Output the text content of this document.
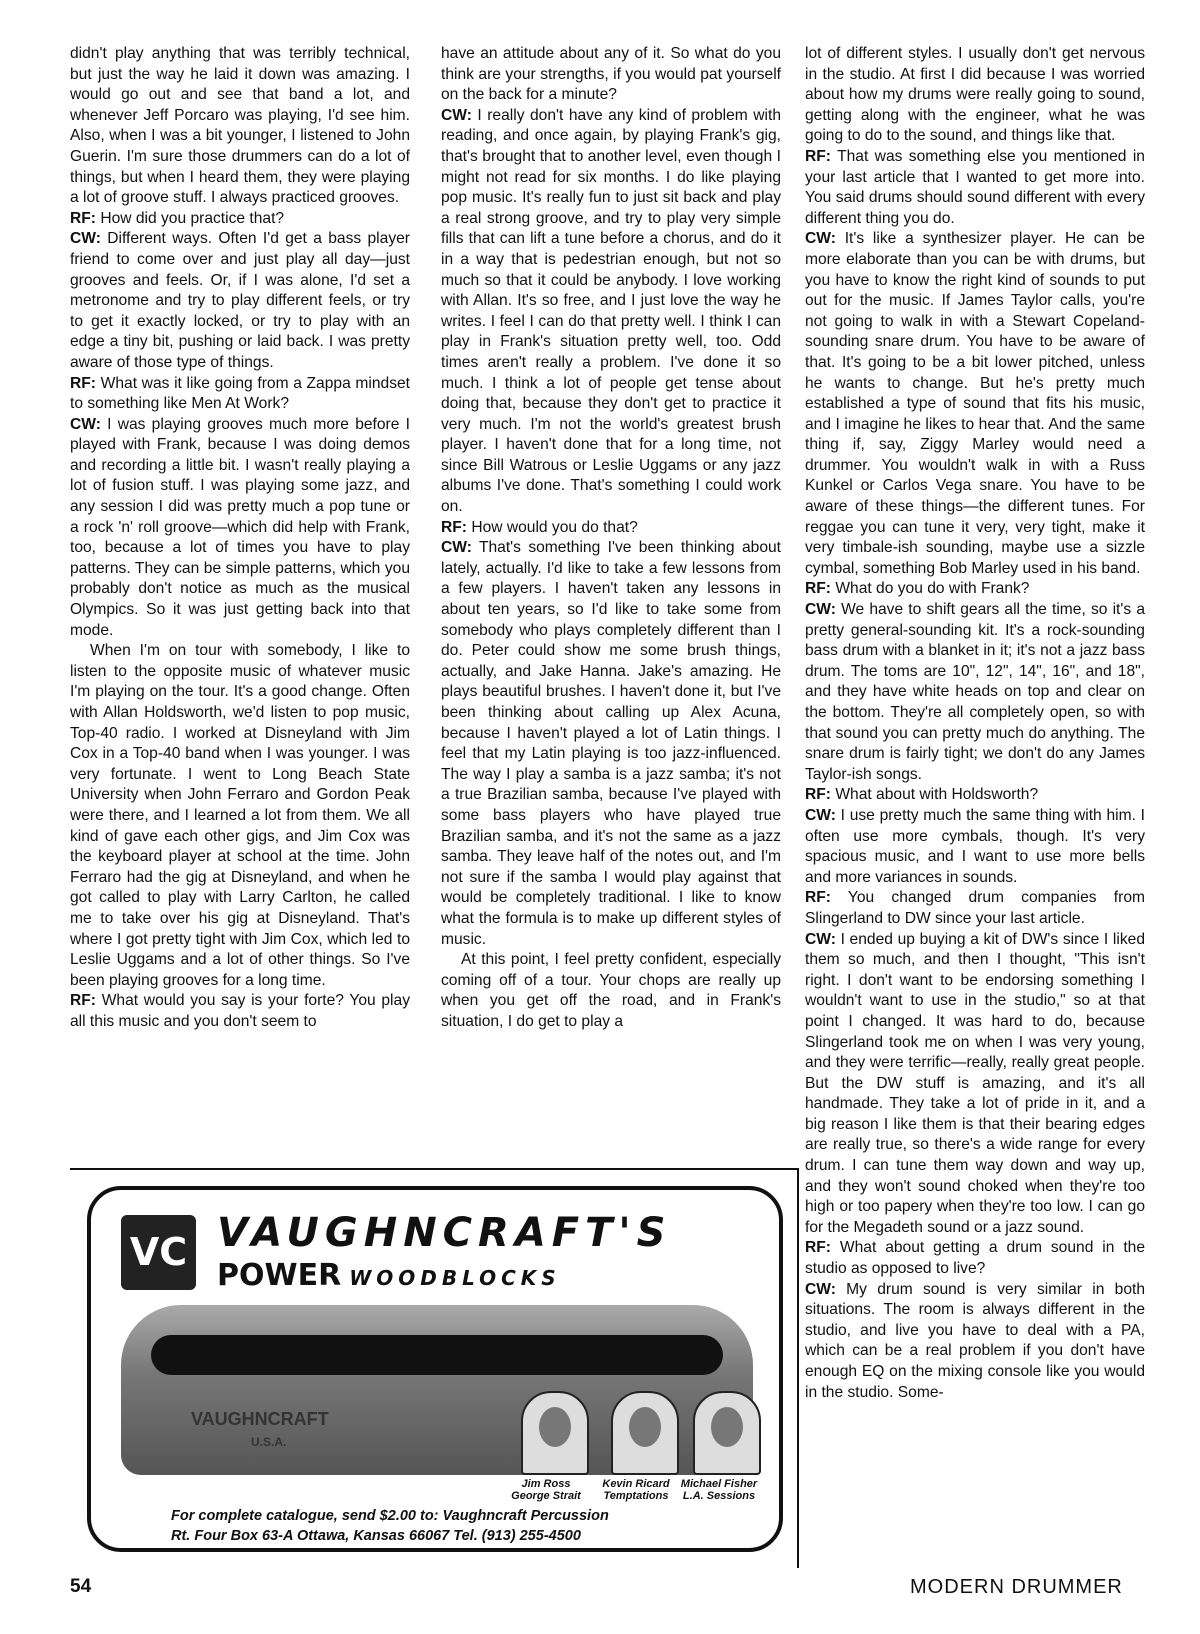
didn't play anything that was terribly technical, but just the way he laid it down was amazing. I would go out and see that band a lot, and whenever Jeff Porcaro was playing, I'd see him. Also, when I was a bit younger, I listened to John Guerin. I'm sure those drummers can do a lot of things, but when I heard them, they were playing a lot of groove stuff. I always practiced grooves.

RF: How did you practice that?

CW: Different ways. Often I'd get a bass player friend to come over and just play all day—just grooves and feels. Or, if I was alone, I'd set a metronome and try to play different feels, or try to get it exactly locked, or try to play with an edge a tiny bit, pushing or laid back. I was pretty aware of those type of things.

RF: What was it like going from a Zappa mindset to something like Men At Work?

CW: I was playing grooves much more before I played with Frank, because I was doing demos and recording a little bit. I wasn't really playing a lot of fusion stuff. I was playing some jazz, and any session I did was pretty much a pop tune or a rock 'n' roll groove—which did help with Frank, too, because a lot of times you have to play patterns. They can be simple patterns, which you probably don't notice as much as the musical Olympics. So it was just getting back into that mode.

When I'm on tour with somebody, I like to listen to the opposite music of whatever music I'm playing on the tour. It's a good change. Often with Allan Holdsworth, we'd listen to pop music, Top-40 radio. I worked at Disneyland with Jim Cox in a Top-40 band when I was younger. I was very fortunate. I went to Long Beach State University when John Ferraro and Gordon Peak were there, and I learned a lot from them. We all kind of gave each other gigs, and Jim Cox was the keyboard player at school at the time. John Ferraro had the gig at Disneyland, and when he got called to play with Larry Carlton, he called me to take over his gig at Disneyland. That's where I got pretty tight with Jim Cox, which led to Leslie Uggams and a lot of other things. So I've been playing grooves for a long time.

RF: What would you say is your forte? You play all this music and you don't seem to

have an attitude about any of it. So what do you think are your strengths, if you would pat yourself on the back for a minute?

CW: I really don't have any kind of problem with reading, and once again, by playing Frank's gig, that's brought that to another level, even though I might not read for six months. I do like playing pop music. It's really fun to just sit back and play a real strong groove, and try to play very simple fills that can lift a tune before a chorus, and do it in a way that is pedestrian enough, but not so much so that it could be anybody. I love working with Allan. It's so free, and I just love the way he writes. I feel I can do that pretty well. I think I can play in Frank's situation pretty well, too. Odd times aren't really a problem. I've done it so much. I think a lot of people get tense about doing that, because they don't get to practice it very much. I'm not the world's greatest brush player. I haven't done that for a long time, not since Bill Watrous or Leslie Uggams or any jazz albums I've done. That's something I could work on.

RF: How would you do that?

CW: That's something I've been thinking about lately, actually. I'd like to take a few lessons from a few players. I haven't taken any lessons in about ten years, so I'd like to take some from somebody who plays completely different than I do. Peter could show me some brush things, actually, and Jake Hanna. Jake's amazing. He plays beautiful brushes. I haven't done it, but I've been thinking about calling up Alex Acuna, because I haven't played a lot of Latin things. I feel that my Latin playing is too jazz-influenced. The way I play a samba is a jazz samba; it's not a true Brazilian samba, because I've played with some bass players who have played true Brazilian samba, and it's not the same as a jazz samba. They leave half of the notes out, and I'm not sure if the samba I would play against that would be completely traditional. I like to know what the formula is to make up different styles of music.

At this point, I feel pretty confident, especially coming off of a tour. Your chops are really up when you get off the road, and in Frank's situation, I do get to play a

lot of different styles. I usually don't get nervous in the studio. At first I did because I was worried about how my drums were really going to sound, getting along with the engineer, what he was going to do to the sound, and things like that.

RF: That was something else you mentioned in your last article that I wanted to get more into. You said drums should sound different with every different thing you do.

CW: It's like a synthesizer player. He can be more elaborate than you can be with drums, but you have to know the right kind of sounds to put out for the music. If James Taylor calls, you're not going to walk in with a Stewart Copeland-sounding snare drum. You have to be aware of that. It's going to be a bit lower pitched, unless he wants to change. But he's pretty much established a type of sound that fits his music, and I imagine he likes to hear that. And the same thing if, say, Ziggy Marley would need a drummer. You wouldn't walk in with a Russ Kunkel or Carlos Vega snare. You have to be aware of these things—the different tunes. For reggae you can tune it very, very tight, make it very timbale-ish sounding, maybe use a sizzle cymbal, something Bob Marley used in his band.

RF: What do you do with Frank?

CW: We have to shift gears all the time, so it's a pretty general-sounding kit. It's a rock-sounding bass drum with a blanket in it; it's not a jazz bass drum. The toms are 10", 12", 14", 16", and 18", and they have white heads on top and clear on the bottom. They're all completely open, so with that sound you can pretty much do anything. The snare drum is fairly tight; we don't do any James Taylor-ish songs.

RF: What about with Holdsworth?

CW: I use pretty much the same thing with him. I often use more cymbals, though. It's very spacious music, and I want to use more bells and more variances in sounds.

RF: You changed drum companies from Slingerland to DW since your last article.

CW: I ended up buying a kit of DW's since I liked them so much, and then I thought, "This isn't right. I don't want to be endorsing something I wouldn't want to use in the studio," so at that point I changed. It was hard to do, because Slingerland took me on when I was very young, and they were terrific—really, really great people. But the DW stuff is amazing, and it's all handmade. They take a lot of pride in it, and a big reason I like them is that their bearing edges are really true, so there's a wide range for every drum. I can tune them way down and way up, and they won't sound choked when they're too high or too papery when they're too low. I can go for the Megadeth sound or a jazz sound.

RF: What about getting a drum sound in the studio as opposed to live?

CW: My drum sound is very similar in both situations. The room is always different in the studio, and live you have to deal with a PA, which can be a real problem if you don't have enough EQ on the mixing console like you would in the studio. Some-

VC VAUGHNCRAFT'S
POWER WOODBLOCKS
VAUGHNCRAFT
U.S.A.
Jim Ross
George Strait
Kevin Ricard
Temptations
Michael Fisher
L.A. Sessions
For complete catalogue, send $2.00 to: Vaughncraft Percussion
Rt. Four Box 63-A Ottawa, Kansas 66067 Tel. (913) 255-4500
54	MODERN DRUMMER
